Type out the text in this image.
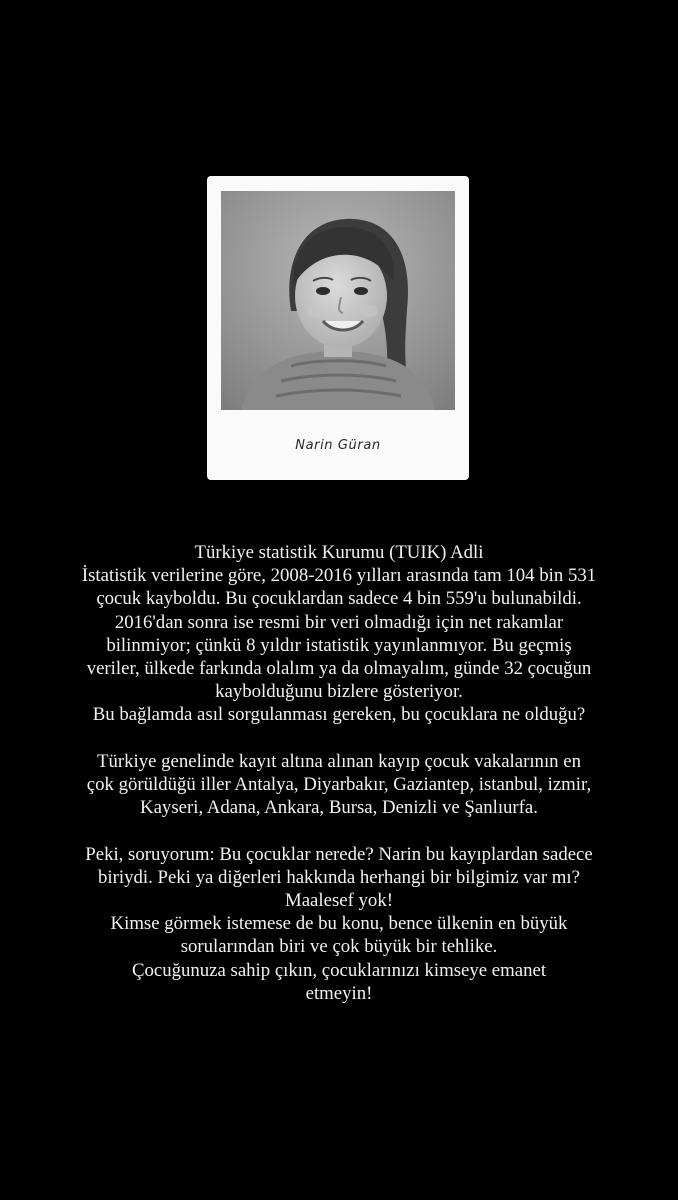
Narin Güran
Türkiye statistik Kurumu (TUIK) Adli
İstatistik verilerine göre, 2008-2016 yılları arasında tam 104 bin 531
çocuk kayboldu. Bu çocuklardan sadece 4 bin 559'u bulunabildi.
2016'dan sonra ise resmi bir veri olmadığı için net rakamlar
bilinmiyor; çünkü 8 yıldır istatistik yayınlanmıyor. Bu geçmiş
veriler, ülkede farkında olalım ya da olmayalım, günde 32 çocuğun
kaybolduğunu bizlere gösteriyor.
Bu bağlamda asıl sorgulanması gereken, bu çocuklara ne olduğu?
Türkiye genelinde kayıt altına alınan kayıp çocuk vakalarının en
çok görüldüğü iller Antalya, Diyarbakır, Gaziantep, istanbul, izmir,
Kayseri, Adana, Ankara, Bursa, Denizli ve Şanlıurfa.
Peki, soruyorum: Bu çocuklar nerede? Narin bu kayıplardan sadece
biriydi. Peki ya diğerleri hakkında herhangi bir bilgimiz var mı?
Maalesef yok!
Kimse görmek istemese de bu konu, bence ülkenin en büyük
sorularından biri ve çok büyük bir tehlike.
Çocuğunuza sahip çıkın, çocuklarınızı kimseye emanet
etmeyin!
